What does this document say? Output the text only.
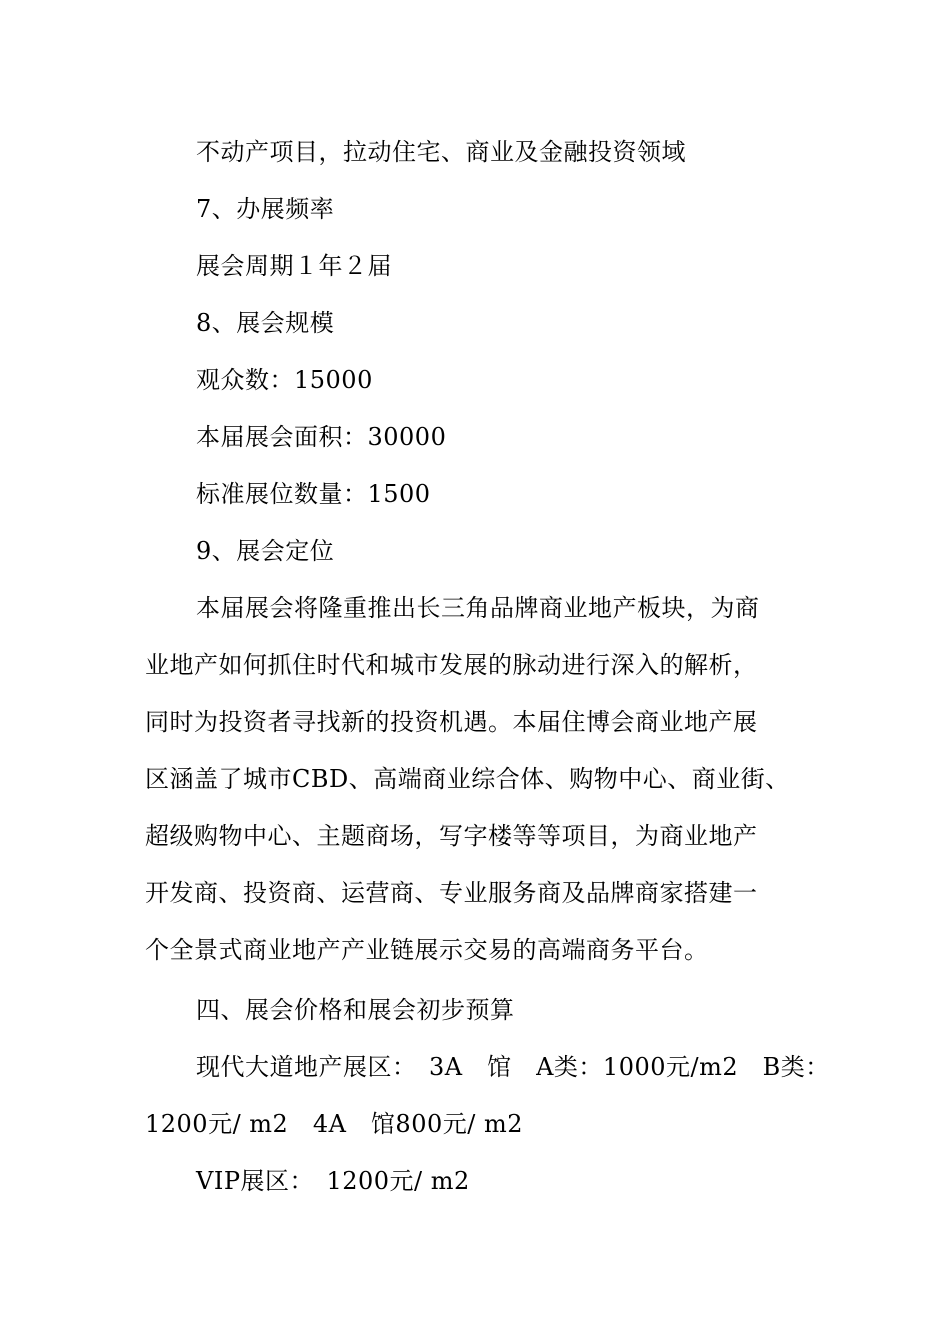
不动产项目，拉动住宅、商业及金融投资领域
7、办展频率
展会周期１年２届
8、展会规模
观众数：15000
本届展会面积：30000
标准展位数量：1500
9、展会定位
本届展会将隆重推出长三角品牌商业地产板块，为商
业地产如何抓住时代和城市发展的脉动进行深入的解析，
同时为投资者寻找新的投资机遇。本届住博会商业地产展
区涵盖了城市CBD、高端商业综合体、购物中心、商业街、
超级购物中心、主题商场，写字楼等等项目，为商业地产
开发商、投资商、运营商、专业服务商及品牌商家搭建一
个全景式商业地产产业链展示交易的高端商务平台。
四、展会价格和展会初步预算
现代大道地产展区：　3A　馆　A类：1000元/m2　B类：
1200元/ m2　4A　馆800元/ m2
VIP展区：　1200元/ m2
